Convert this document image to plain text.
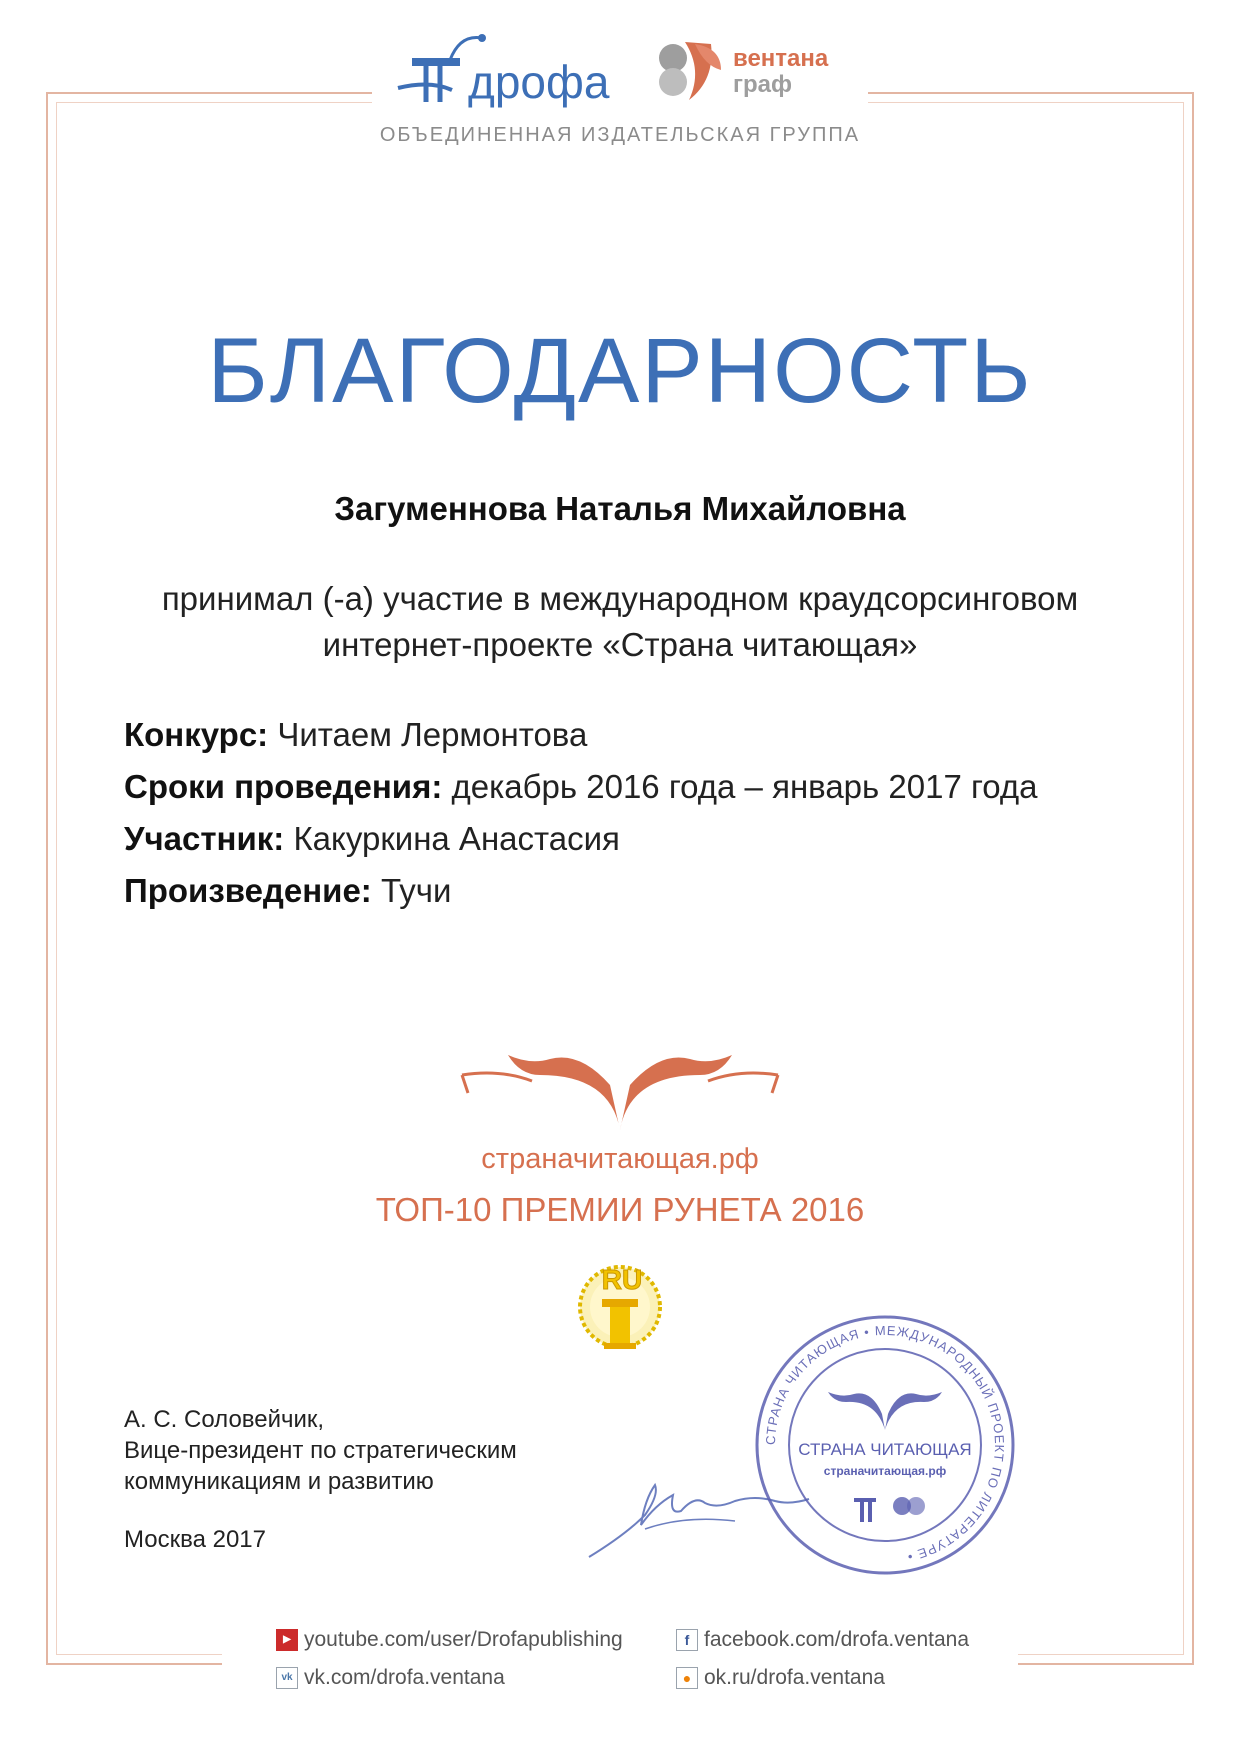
дрофа	вентана
граф
ОБЪЕДИНЕННАЯ ИЗДАТЕЛЬСКАЯ ГРУППА
БЛАГОДАРНОСТЬ
Загуменнова Наталья Михайловна
принимал (-а) участие в международном краудсорсинговом
интернет-проекте «Страна читающая»
Конкурс: Читаем Лермонтова
Сроки проведения: декабрь 2016 года – январь 2017 года
Участник: Какуркина Анастасия
Произведение: Тучи
страначитающая.рф
ТОП-10 ПРЕМИИ РУНЕТА 2016
RU
А. С. Соловейчик,
Вице-президент по стратегическим
коммуникациям и развитию
Москва 2017
СТРАНА ЧИТАЮЩАЯ • МЕЖДУНАРОДНЫЙ ПРОЕКТ ПО ЛИТЕРАТУРЕ •
СТРАНА ЧИТАЮЩАЯ
страначитающая.рф
▶ youtube.com/user/Drofapublishing	f facebook.com/drofa.ventana
vk vk.com/drofa.ventana	● ok.ru/drofa.ventana
